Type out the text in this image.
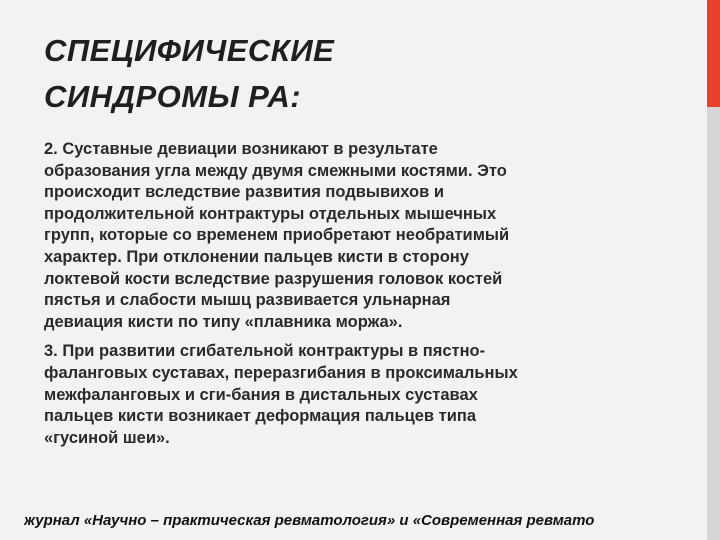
СПЕЦИФИЧЕСКИЕ
СИНДРОМЫ РА:

2. Суставные девиации возникают в результате
образования угла между двумя смежными костями. Это
происходит вследствие развития подвывихов и
продолжительной контрактуры отдельных мышечных
групп, которые со временем приобретают необратимый
характер. При отклонении пальцев кисти в сторону
локтевой кости вследствие разрушения головок костей
пястья и слабости мышц развивается ульнарная
девиация кисти по типу «плавника моржа».

3. При развитии сгибательной контрактуры в пястно-
фаланговых суставах, переразгибания в проксимальных
межфаланговых и сги-бания в дистальных суставах
пальцев кисти возникает деформация пальцев типа
«гусиной шеи».

журнал «Научно – практическая ревматология» и «Современная ревмато
